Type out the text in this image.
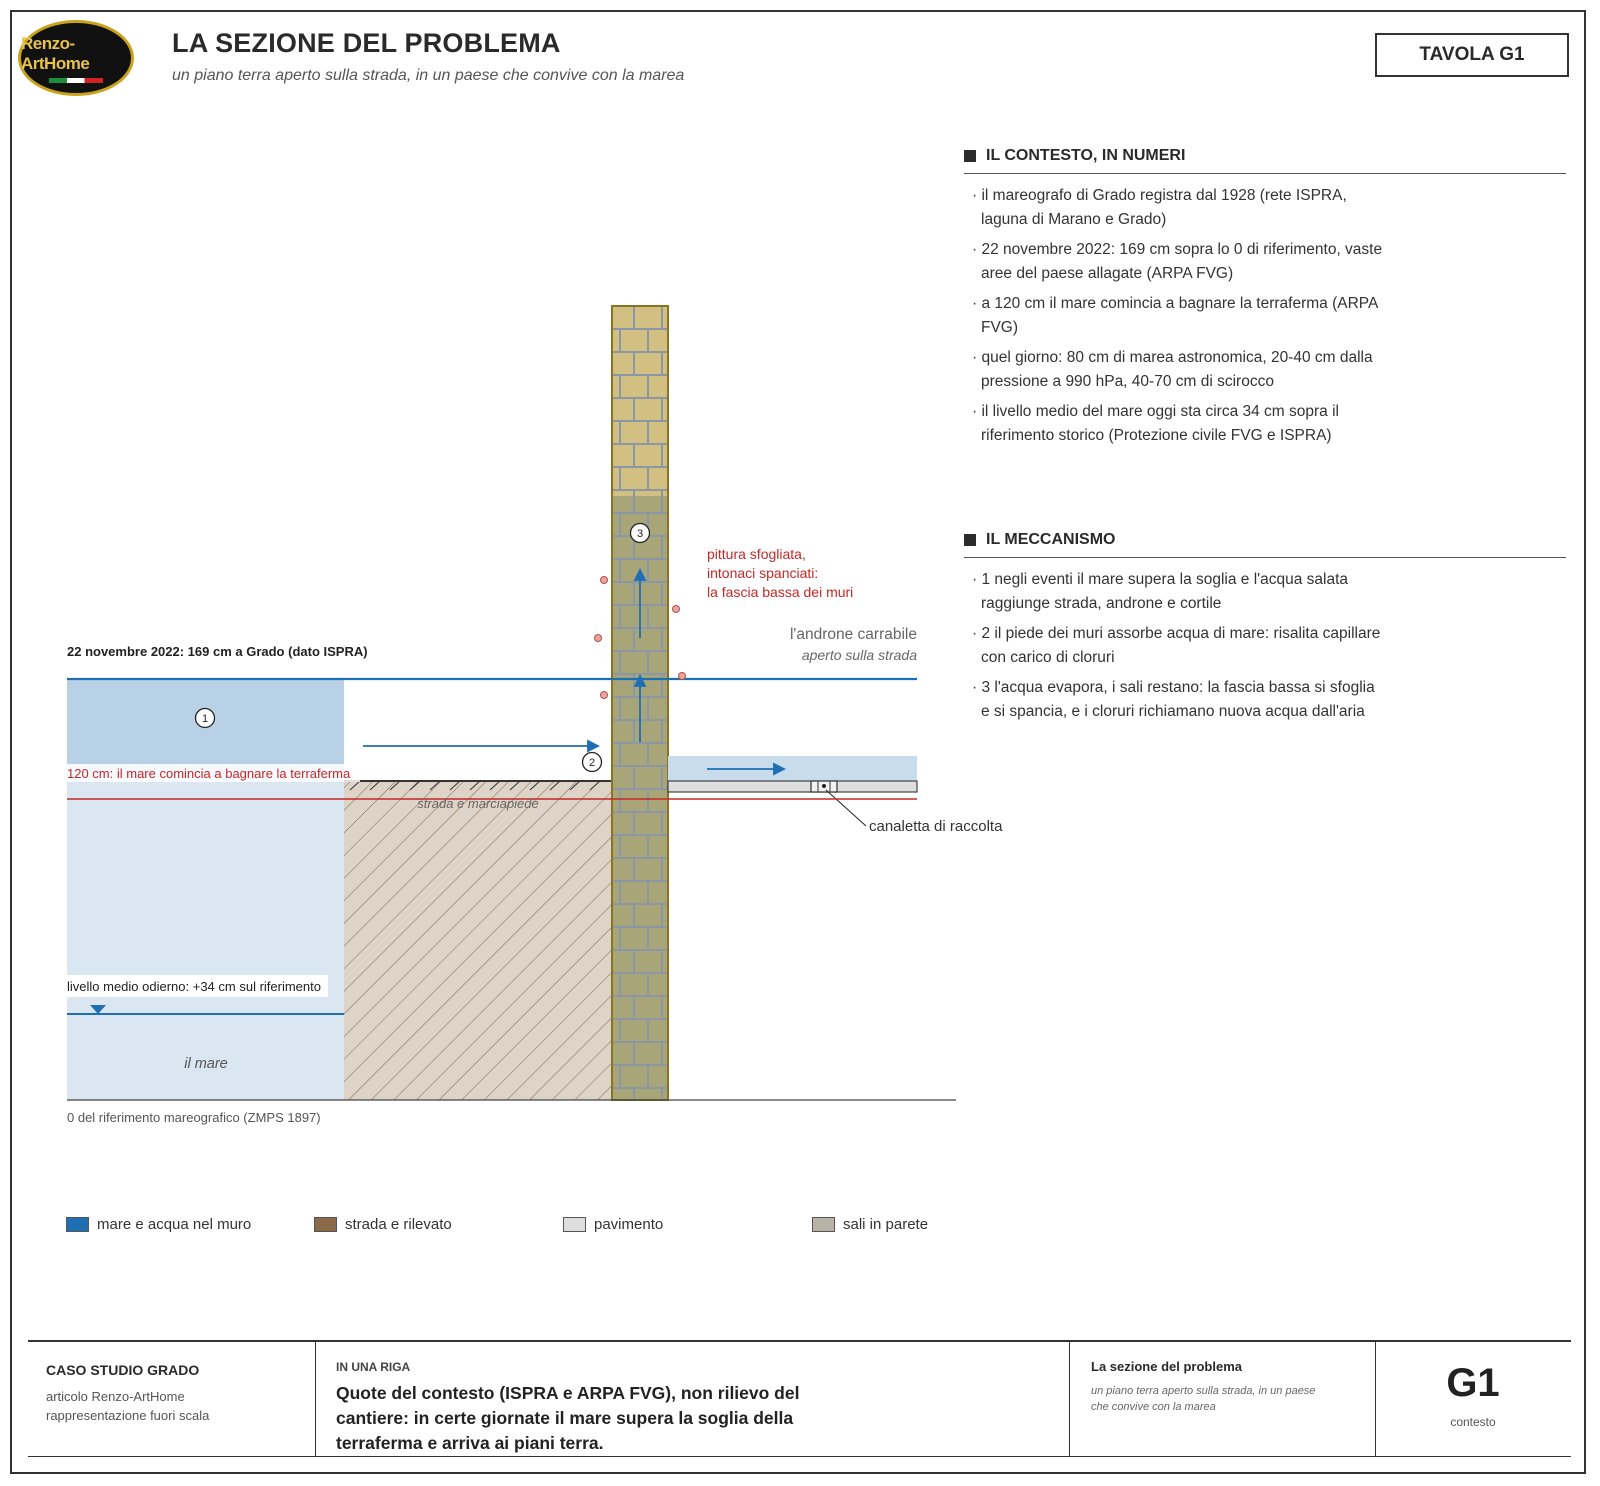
Renzo-ArtHome
LA SEZIONE DEL PROBLEMA
un piano terra aperto sulla strada, in un paese che convive con la marea
TAVOLA G1
IL CONTESTO, IN NUMERI
· il mareografo di Grado registra dal 1928 (rete ISPRA, laguna di Marano e Grado)
· 22 novembre 2022: 169 cm sopra lo 0 di riferimento, vaste aree del paese allagate (ARPA FVG)
· a 120 cm il mare comincia a bagnare la terraferma (ARPA FVG)
· quel giorno: 80 cm di marea astronomica, 20-40 cm dalla pressione a 990 hPa, 40-70 cm di scirocco
· il livello medio del mare oggi sta circa 34 cm sopra il riferimento storico (Protezione civile FVG e ISPRA)
IL MECCANISMO
· 1 negli eventi il mare supera la soglia e l'acqua salata raggiunge strada, androne e cortile
· 2 il piede dei muri assorbe acqua di mare: risalita capillare con carico di cloruri
· 3 l'acqua evapora, i sali restano: la fascia bassa si sfoglia e si spancia, e i cloruri richiamano nuova acqua dall'aria
1
2
3
22 novembre 2022: 169 cm a Grado (dato ISPRA)
120 cm: il mare comincia a bagnare la terraferma
livello medio odierno: +34 cm sul riferimento
il mare
0 del riferimento mareografico (ZMPS 1897)
strada e marciapiede
l'androne carrabile
aperto sulla strada
pittura sfogliata,
intonaci spanciati:
la fascia bassa dei muri
canaletta di raccolta
mare e acqua nel muro	strada e rilevato	pavimento	sali in parete
CASO STUDIO GRADO
articolo Renzo-ArtHome
rappresentazione fuori scala
IN UNA RIGA
Quote del contesto (ISPRA e ARPA FVG), non rilievo del cantiere: in certe giornate il mare supera la soglia della terraferma e arriva ai piani terra.
La sezione del problema
un piano terra aperto sulla strada, in un paese che convive con la marea
G1
contesto
